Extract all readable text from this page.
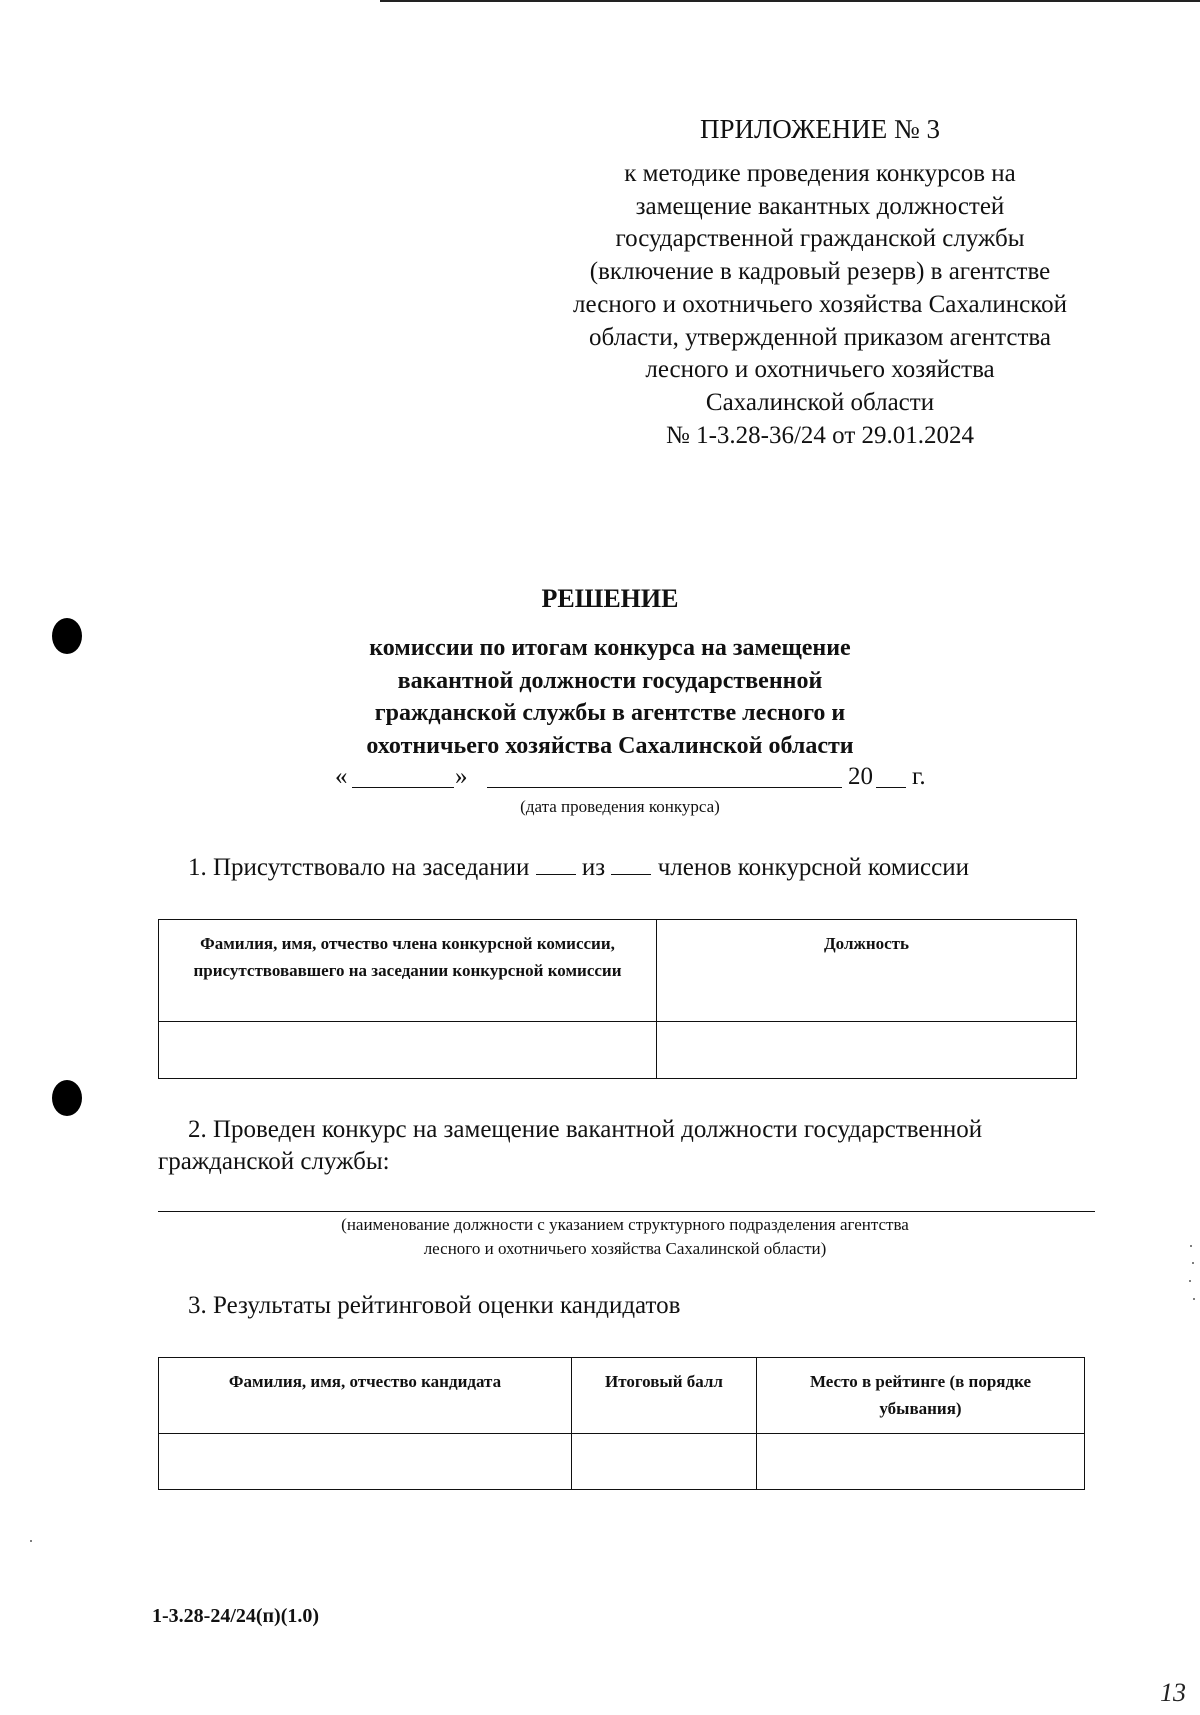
ПРИЛОЖЕНИЕ № 3
к методике проведения конкурсов на
замещение вакантных должностей
государственной гражданской службы
(включение в кадровый резерв) в агентстве
лесного и охотничьего хозяйства Сахалинской
области, утвержденной приказом агентства
лесного и охотничьего хозяйства
Сахалинской области
№ 1-3.28-36/24 от 29.01.2024
РЕШЕНИЕ
комиссии по итогам конкурса на замещение
вакантной должности государственной
гражданской службы в агентстве лесного и
охотничьего хозяйства Сахалинской области
«	»	20 г.
(дата проведения конкурса)
1. Присутствовало на заседании из членов конкурсной комиссии
Фамилия, имя, отчество члена конкурсной комиссии, присутствовавшего на заседании конкурсной комиссии	Должность

2. Проведен конкурс на замещение вакантной должности государственной гражданской службы:
(наименование должности с указанием структурного подразделения агентства
лесного и охотничьего хозяйства Сахалинской области)
3. Результаты рейтинговой оценки кандидатов
Фамилия, имя, отчество кандидата	Итоговый балл	Место в рейтинге (в порядке убывания)

1-3.28-24/24(п)(1.0)
13
